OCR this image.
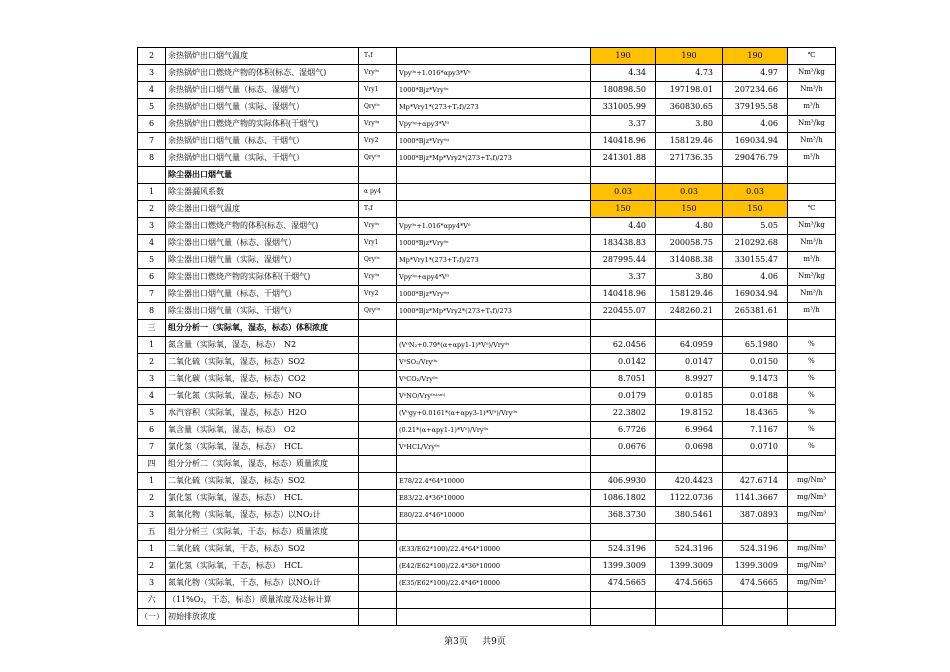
2	余热锅炉出口烟气温度	Tᵧf		190	190	190	℃
3	余热锅炉出口燃烧产物的体积(标态、湿烟气)	Vry⁰ˢ	Vpy⁰ˢ+1.016*αpy3*V⁰	4.34	4.73	4.97	Nm³/kg
4	余热锅炉出口烟气量（标态、湿烟气）	Vry1	1000*Bjz*Vry⁰ˢ	180898.50	197198.01	207234.66	Nm³/h
5	余热锅炉出口烟气量（实际、湿烟气）	Qry⁰ˢ	Mp*Vry1*(273+Tᵧf)/273	331005.99	360830.65	379195.58	m³/h
6	余热锅炉出口燃烧产物的实际体积(干烟气)	Vry⁰ᵍ	Vpy⁰ᵍ+αpy3*V⁰	3.37	3.80	4.06	Nm³/kg
7	余热锅炉出口烟气量（标态、干烟气）	Vry2	1000*Bjz*Vry⁰ᵍ	140418.96	158129.46	169034.94	Nm³/h
8	余热锅炉出口烟气量（实际、干烟气）	Qry⁰ᵍ	1000*Bjz*Mp*Vry2*(273+Tᵧf)/273	241301.88	271736.35	290476.79	m³/h
	除尘器出口烟气量						
1	除尘器漏风系数	α py4		0.03	0.03	0.03	
2	除尘器出口烟气温度	Tᵧf		150	150	150	℃
3	除尘器出口燃烧产物的体积(标态、湿烟气)	Vry⁰ˢ	Vpy⁰ˢ+1.016*αpy4*V⁰	4.40	4.80	5.05	Nm³/kg
4	除尘器出口烟气量（标态、湿烟气）	Vry1	1000*Bjz*Vry⁰ˢ	183438.83	200058.75	210292.68	Nm³/h
5	除尘器出口烟气量（实际、湿烟气）	Qry⁰ˢ	Mp*Vry1*(273+Tᵧf)/273	287995.44	314088.38	330155.47	m³/h
6	除尘器出口燃烧产物的实际体积(干烟气)	Vry⁰ᵍ	Vpy⁰ᵍ+αpy4*V⁰	3.37	3.80	4.06	Nm³/kg
7	除尘器出口烟气量（标态、干烟气）	Vry2	1000*Bjz*Vry⁰ᵍ	140418.96	158129.46	169034.94	Nm³/h
8	除尘器出口烟气量（实际、干烟气）	Qry⁰ᵍ	1000*Bjz*Mp*Vry2*(273+Tᵧf)/273	220455.07	248260.21	265381.61	m³/h
三	组分分析一（实际氧，湿态，标态）体积浓度						
1	氮含量（实际氧，湿态，标态）　N2		(V⁰N₂+0.79*(α+αpy1-1)*V⁰)/Vry⁰ˢ	62.0456	64.0959	65.1980	%
2	二氧化硫（实际氧，湿态，标态）SO2		V⁰SO₂/Vry⁰ˢ	0.0142	0.0147	0.0150	%
3	二氧化碳（实际氧，湿态，标态）CO2		V⁰CO₂/Vry⁰ˢ	8.7051	8.9927	9.1473	%
4	一氧化氮（实际氧，湿态，标态）NO		V⁰NO/Vry⁰ˢ⁽ᵃᵐ⁾	0.0179	0.0185	0.0188	%
5	水汽容积（实际氧，湿态，标态）H2O		(V⁰gy+0.0161*(α+αpy3-1)*V⁰)/Vry⁰ˢ	22.3802	19.8152	18.4365	%
6	氧含量（实际氧，湿态，标态）　O2		(0.21*(α+αpy1-1)*V⁰)/Vry⁰ˢ	6.7726	6.9964	7.1167	%
7	氯化氢（实际氧，湿态，标态）　HCL		V⁰HCL/Vry⁰ˢ	0.0676	0.0698	0.0710	%
四	组分分析二（实际氧，湿态，标态）质量浓度						
1	二氧化硫（实际氧，湿态，标态）SO2		E78/22.4*64*10000	406.9930	420.4423	427.6714	mg/Nm³
2	氯化氢（实际氧，湿态，标态）　HCL		E83/22.4*36*10000	1086.1802	1122.0736	1141.3667	mg/Nm³
3	氮氧化物（实际氧，湿态，标态）以NO₂计		E80/22.4*46*10000	368.3730	380.5461	387.0893	mg/Nm³
五	组分分析三（实际氧，干态，标态）质量浓度						
1	二氧化硫（实际氧，干态，标态）SO2		(E33/E62*100)/22.4*64*10000	524.3196	524.3196	524.3196	mg/Nm³
2	氯化氢（实际氧，干态，标态）　HCL		(E42/E62*100)/22.4*36*10000	1399.3009	1399.3009	1399.3009	mg/Nm³
3	氮氧化物（实际氧，干态，标态）以NO₂计		(E35/E62*100)/22.4*46*10000	474.5665	474.5665	474.5665	mg/Nm³
六	（11%O₂，干态，标态）质量浓度及达标计算						
（一）	初始排放浓度						
第3页 共9页
